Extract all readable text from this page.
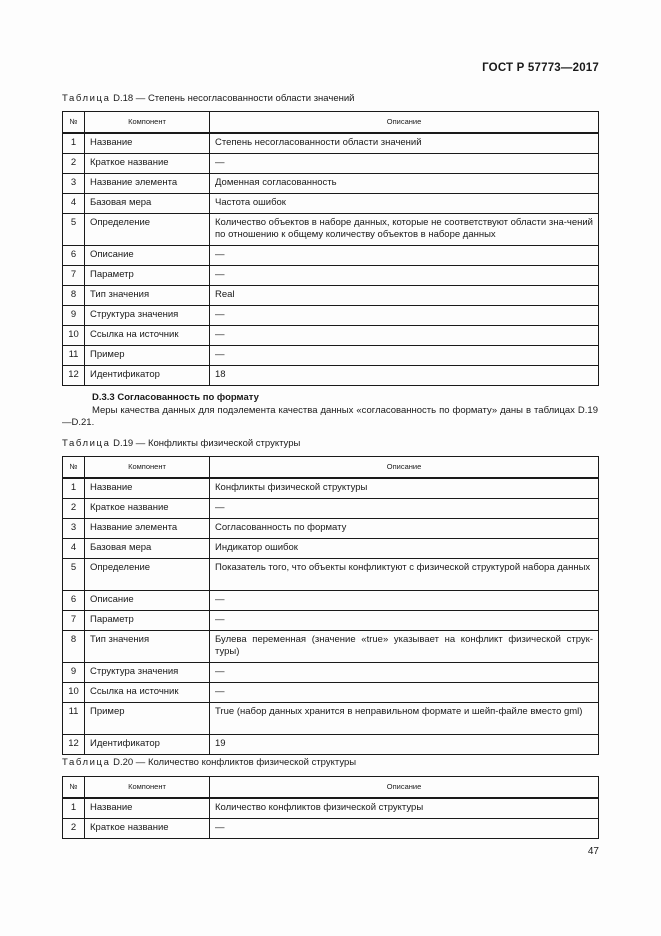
ГОСТ Р 57773—2017
Таблица D.18 — Степень несогласованности области значений
№	Компонент	Описание
1	Название	Степень несогласованности области значений
2	Краткое название	—
3	Название элемента	Доменная согласованность
4	Базовая мера	Частота ошибок
5	Определение	Количество объектов в наборе данных, которые не соответствуют области зна-чений по отношению к общему количеству объектов в наборе данных
6	Описание	—
7	Параметр	—
8	Тип значения	Real
9	Структура значения	—
10	Ссылка на источник	—
11	Пример	—
12	Идентификатор	18
D.3.3 Согласованность по формату
Меры качества данных для подэлемента качества данных «согласованность по формату» даны в таблицах D.19—D.21.
Таблица D.19 — Конфликты физической структуры
№	Компонент	Описание
1	Название	Конфликты физической структуры
2	Краткое название	—
3	Название элемента	Согласованность по формату
4	Базовая мера	Индикатор ошибок
5	Определение	Показатель того, что объекты конфликтуют с физической структурой набора данных
6	Описание	—
7	Параметр	—
8	Тип значения	Булева переменная (значение «true» указывает на конфликт физической струк-туры)
9	Структура значения	—
10	Ссылка на источник	—
11	Пример	True (набор данных хранится в неправильном формате и шейп-файле вместо gml)
12	Идентификатор	19
Таблица D.20 — Количество конфликтов физической структуры
№	Компонент	Описание
1	Название	Количество конфликтов физической структуры
2	Краткое название	—
47
